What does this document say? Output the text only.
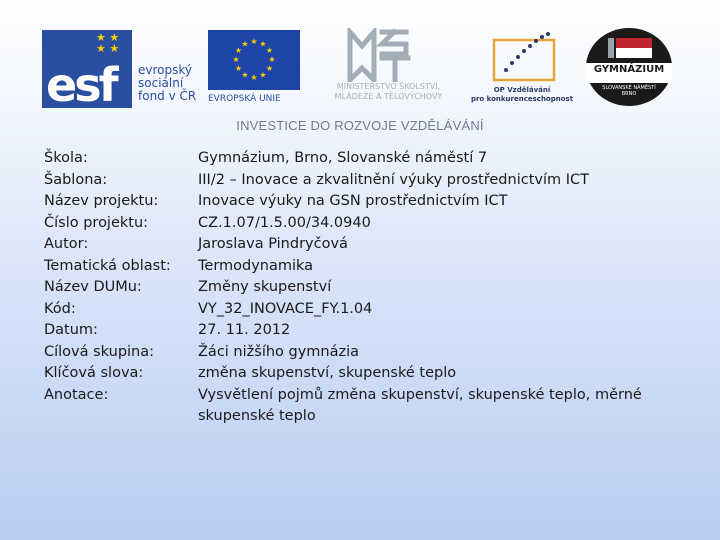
★ ★
★ ★
esf evropský
sociální
fond v ČR
★ ★
★
★
★
★
★
★
★
★
★
★
EVROPSKÁ UNIE
MINISTERSTVO ŠKOLSTVÍ,
MLÁDEŽE A TĚLOVÝCHOVY
OP Vzdělávání
pro konkurenceschopnost
GYMNÁZIUM
SLOVANSKÉ NÁMĚSTÍ
BRNO
INVESTICE DO ROZVOJE VZDĚLÁVÁNÍ
Škola:	Gymnázium, Brno, Slovanské náměstí 7
Šablona:	III/2 – Inovace a zkvalitnění výuky prostřednictvím ICT
Název projektu:	Inovace výuky na GSN prostřednictvím ICT
Číslo projektu:	CZ.1.07/1.5.00/34.0940
Autor:	Jaroslava Pindryčová
Tematická oblast:	Termodynamika
Název DUMu:	Změny skupenství
Kód:	VY_32_INOVACE_FY.1.04
Datum:	27. 11. 2012
Cílová skupina:	Žáci nižšího gymnázia
Klíčová slova:	změna skupenství, skupenské teplo
Anotace:	Vysvětlení pojmů změna skupenství, skupenské teplo, měrné skupenské teplo
